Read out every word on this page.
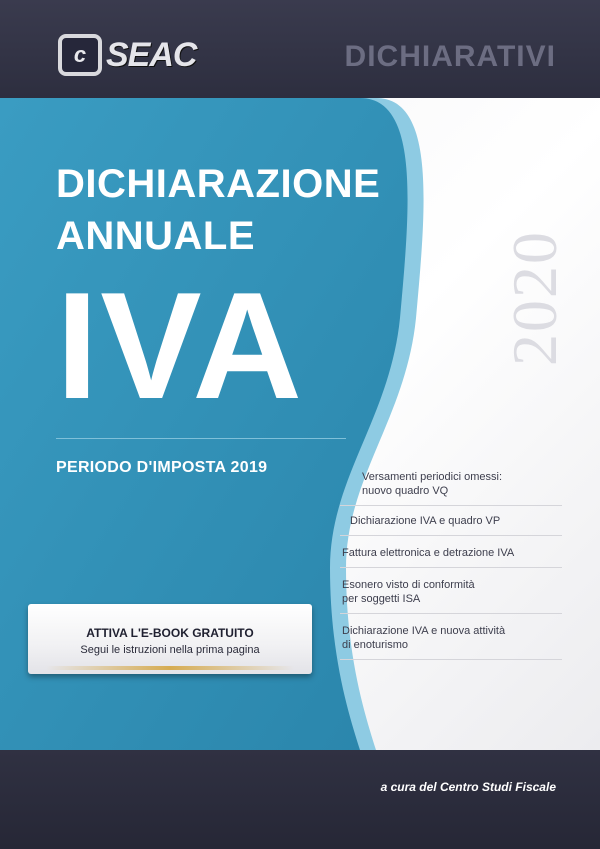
c SEAC	DICHIARATIVI
2020
DICHIARAZIONE
ANNUALE
IVA
PERIODO D'IMPOSTA 2019
ATTIVA L'E-BOOK GRATUITO
Segui le istruzioni nella prima pagina
Versamenti periodici omessi:
nuovo quadro VQ
Dichiarazione IVA e quadro VP
Fattura elettronica e detrazione IVA
Esonero visto di conformità
per soggetti ISA
Dichiarazione IVA e nuova attività
di enoturismo
a cura del Centro Studi Fiscale
